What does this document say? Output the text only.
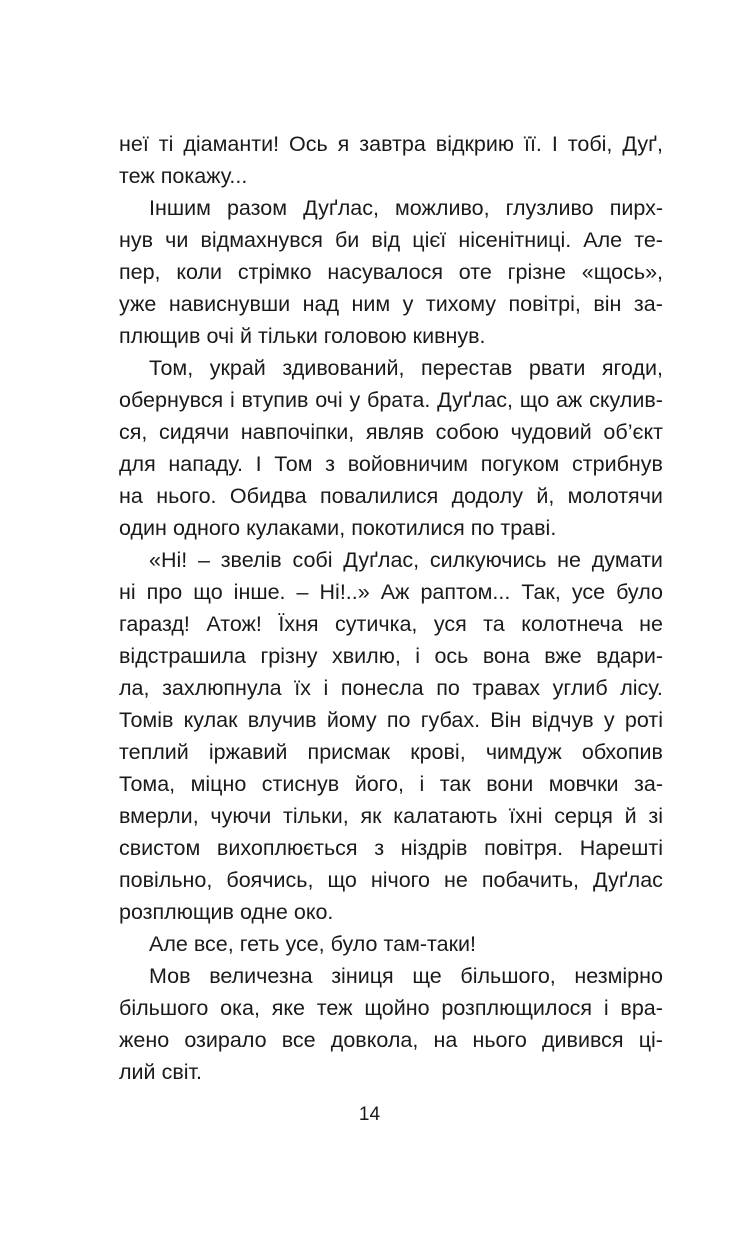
неї ті діаманти! Ось я завтра відкрию її. І тобі, Дуґ,
теж покажу...
Іншим разом Дуґлас, можливо, глузливо пирх-
нув чи відмахнувся би від цієї нісенітниці. Але те-
пер, коли стрімко насувалося оте грізне «щось»,
уже нависнувши над ним у тихому повітрі, він за-
плющив очі й тільки головою кивнув.
Том, украй здивований, перестав рвати ягоди,
обернувся і втупив очі у брата. Дуґлас, що аж скулив-
ся, сидячи навпочіпки, являв собою чудовий об’єкт
для нападу. І Том з войовничим погуком стрибнув
на нього. Обидва повалилися додолу й, молотячи
один одного кулаками, покотилися по траві.
«Ні! – звелів собі Дуґлас, силкуючись не думати
ні про що інше. – Ні!..» Аж раптом... Так, усе було
гаразд! Атож! Їхня сутичка, уся та колотнеча не
відстрашила грізну хвилю, і ось вона вже вдари-
ла, захлюпнула їх і понесла по травах углиб лісу.
Томів кулак влучив йому по губах. Він відчув у роті
теплий іржавий присмак крові, чимдуж обхопив
Тома, міцно стиснув його, і так вони мовчки за-
вмерли, чуючи тільки, як калатають їхні серця й зі
свистом вихоплюється з ніздрів повітря. Нарешті
повільно, боячись, що нічого не побачить, Дуґлас
розплющив одне око.
Але все, геть усе, було там-таки!
Мов величезна зіниця ще більшого, незмірно
більшого ока, яке теж щойно розплющилося і вра-
жено озирало все довкола, на нього дивився ці-
лий світ.
14
